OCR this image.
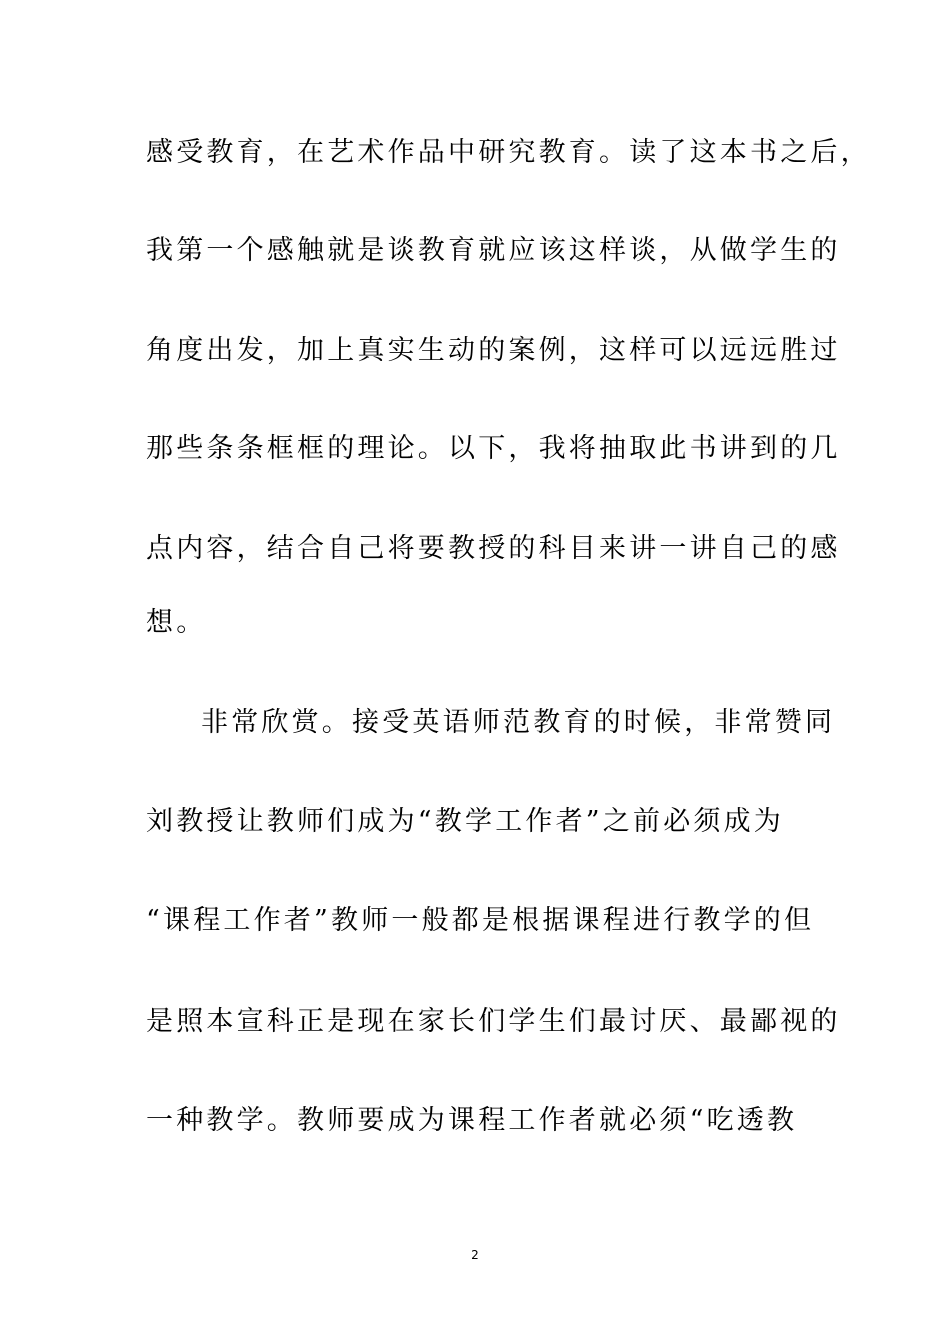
感受教育，在艺术作品中研究教育。读了这本书之后，
我第一个感触就是谈教育就应该这样谈，从做学生的
角度出发，加上真实生动的案例，这样可以远远胜过
那些条条框框的理论。以下，我将抽取此书讲到的几
点内容，结合自己将要教授的科目来讲一讲自己的感
想。
非常欣赏。接受英语师范教育的时候，非常赞同
刘教授让教师们成为“教学工作者”之前必须成为
“课程工作者”教师一般都是根据课程进行教学的但
是照本宣科正是现在家长们学生们最讨厌、最鄙视的
一种教学。教师要成为课程工作者就必须“吃透教
2
